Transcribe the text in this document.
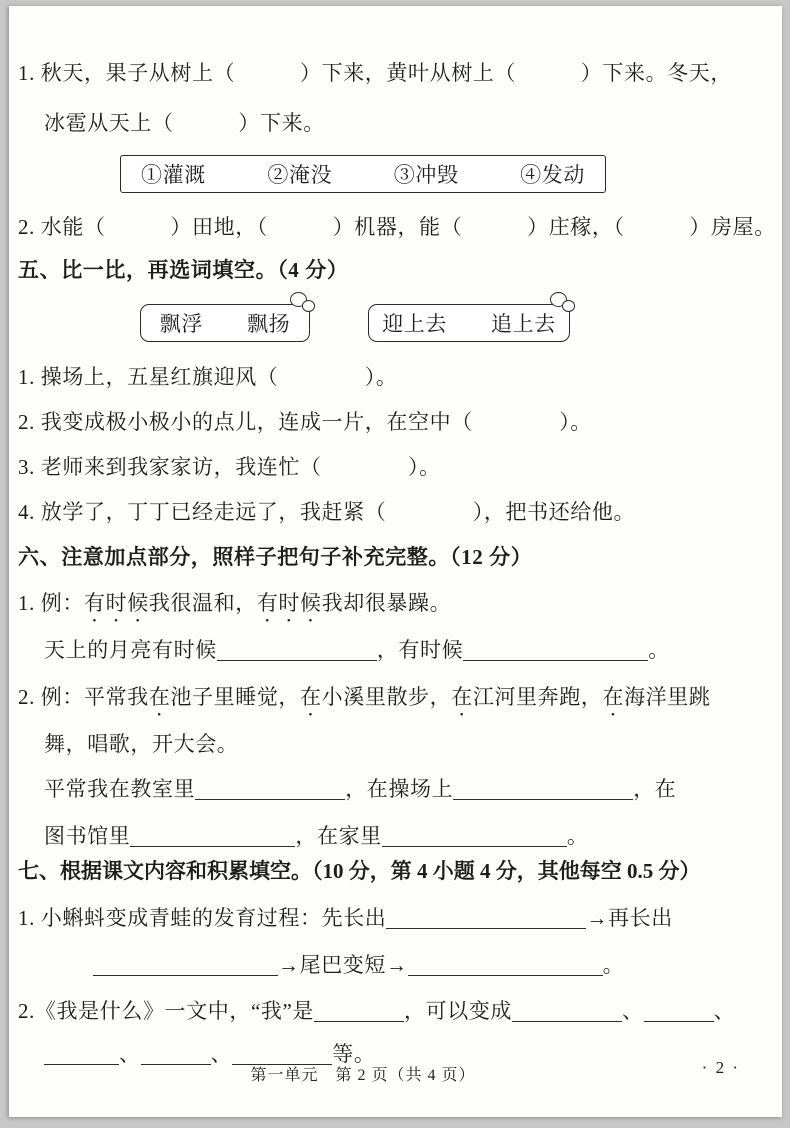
1. 秋天，果子从树上（　　　）下来，黄叶从树上（　　　）下来。冬天，
冰雹从天上（　　　）下来。
①灌溉	②淹没	③冲毁	④发动
2. 水能（　　　）田地，（　　　）机器，能（　　　）庄稼，（　　　）房屋。
五、比一比，再选词填空。（4 分）
飘浮 飘扬	迎上去 追上去
1. 操场上，五星红旗迎风（　　　　）。
2. 我变成极小极小的点儿，连成一片，在空中（　　　　）。
3. 老师来到我家家访，我连忙（　　　　）。
4. 放学了，丁丁已经走远了，我赶紧（　　　　），把书还给他。
六、注意加点部分，照样子把句子补充完整。（12 分）
1. 例：有时候我很温和，有时候我却很暴躁。
天上的月亮有时候	，有时候	。
2. 例：平常我在池子里睡觉，在小溪里散步，在江河里奔跑，在海洋里跳
舞，唱歌，开大会。
平常我在教室里	，在操场上	，在
图书馆里	，在家里	。
七、根据课文内容和积累填空。（10 分，第 4 小题 4 分，其他每空 0.5 分）
1. 小蝌蚪变成青蛙的发育过程：先长出	→再长出
→尾巴变短→	。
2.《我是什么》一文中，“我”是	，可以变成	、	、
、	、	等。
第一单元　第 2 页（共 4 页）	· 2 ·
